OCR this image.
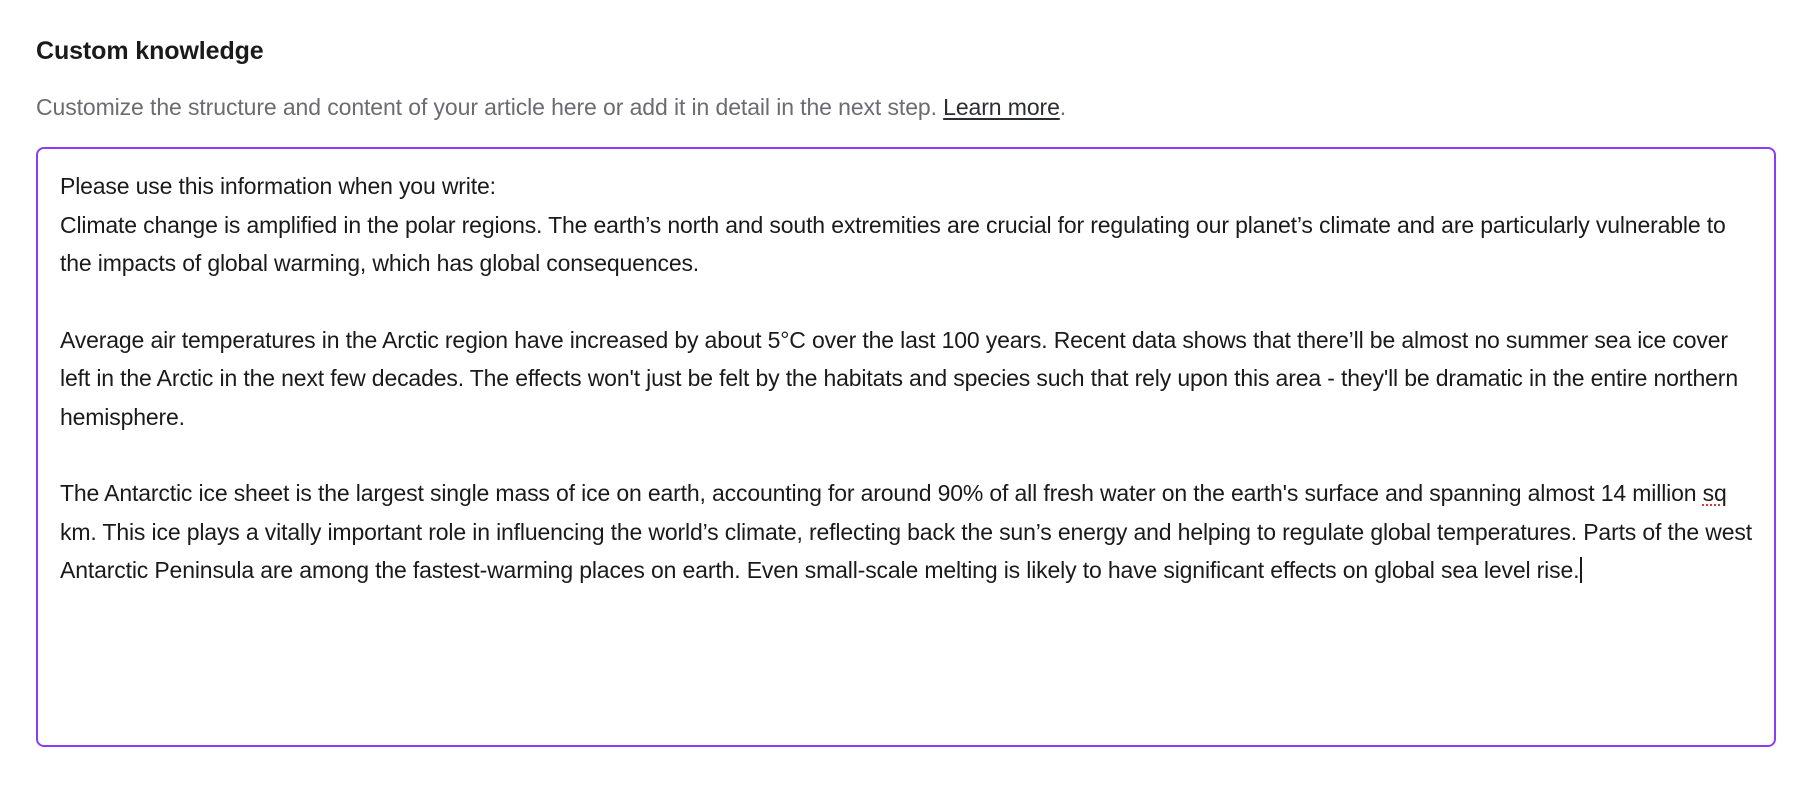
Custom knowledge

Customize the structure and content of your article here or add it in detail in the next step. Learn more.

Please use this information when you write:
Climate change is amplified in the polar regions. The earth’s north and south extremities are crucial for regulating our planet’s climate and are particularly vulnerable to the impacts of global warming, which has global consequences.

Average air temperatures in the Arctic region have increased by about 5°C over the last 100 years. Recent data shows that there’ll be almost no summer sea ice cover left in the Arctic in the next few decades. The effects won't just be felt by the habitats and species such that rely upon this area - they'll be dramatic in the entire northern hemisphere.

The Antarctic ice sheet is the largest single mass of ice on earth, accounting for around 90% of all fresh water on the earth's surface and spanning almost 14 million sq km. This ice plays a vitally important role in influencing the world’s climate, reflecting back the sun’s energy and helping to regulate global temperatures. Parts of the west Antarctic Peninsula are among the fastest-warming places on earth. Even small-scale melting is likely to have significant effects on global sea level rise.
